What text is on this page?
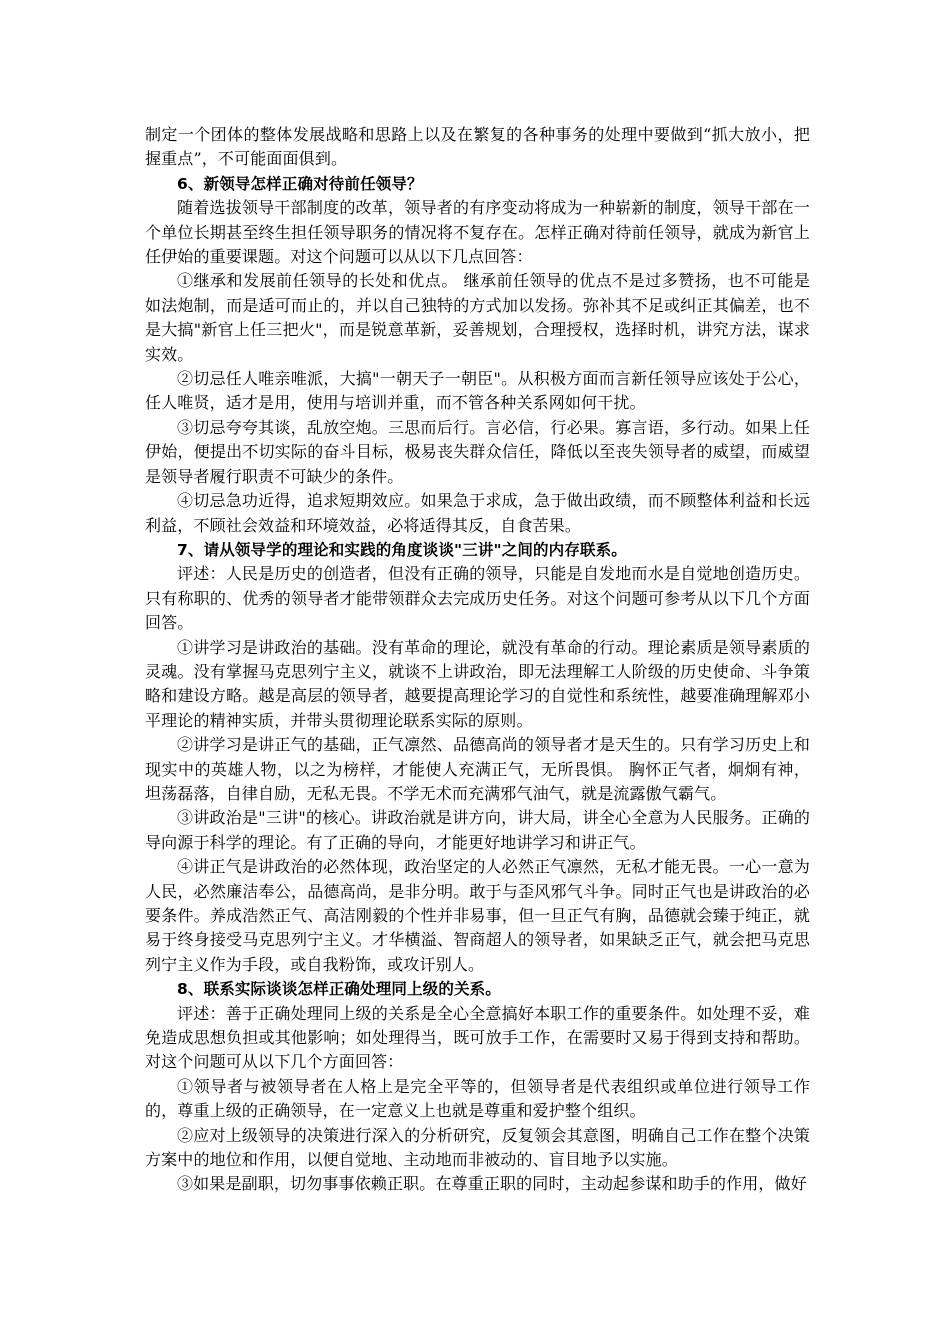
制定一个团体的整体发展战略和思路上以及在繁复的各种事务的处理中要做到“抓大放小，把握重点”，不可能面面俱到。

6、新领导怎样正确对待前任领导？

随着选拔领导干部制度的改革，领导者的有序变动将成为一种崭新的制度，领导干部在一个单位长期甚至终生担任领导职务的情况将不复存在。怎样正确对待前任领导，就成为新官上任伊始的重要课题。对这个问题可以从以下几点回答：

①继承和发展前任领导的长处和优点。 继承前任领导的优点不是过多赞扬，也不可能是如法炮制，而是适可而止的，并以自己独特的方式加以发扬。弥补其不足或纠正其偏差，也不是大搞"新官上任三把火"，而是锐意革新，妥善规划，合理授权，选择时机，讲究方法，谋求实效。

②切忌任人唯亲唯派，大搞"一朝天子一朝臣"。从积极方面而言新任领导应该处于公心，任人唯贤，适才是用，使用与培训并重，而不管各种关系网如何干扰。

③切忌夸夸其谈，乱放空炮。三思而后行。言必信，行必果。寡言语，多行动。如果上任伊始，便提出不切实际的奋斗目标，极易丧失群众信任，降低以至丧失领导者的威望，而威望是领导者履行职责不可缺少的条件。

④切忌急功近得，追求短期效应。如果急于求成，急于做出政绩，而不顾整体利益和长远利益，不顾社会效益和环境效益，必将适得其反，自食苦果。

7、请从领导学的理论和实践的角度谈谈"三讲"之间的内存联系。

评述：人民是历史的创造者，但没有正确的领导，只能是自发地而水是自觉地创造历史。只有称职的、优秀的领导者才能带领群众去完成历史任务。对这个问题可参考从以下几个方面回答。

①讲学习是讲政治的基础。没有革命的理论，就没有革命的行动。理论素质是领导素质的灵魂。没有掌握马克思列宁主义，就谈不上讲政治，即无法理解工人阶级的历史使命、斗争策略和建设方略。越是高层的领导者，越要提高理论学习的自觉性和系统性，越要准确理解邓小平理论的精神实质，并带头贯彻理论联系实际的原则。

②讲学习是讲正气的基础，正气凛然、品德高尚的领导者才是天生的。只有学习历史上和现实中的英雄人物，以之为榜样，才能使人充满正气，无所畏惧。 胸怀正气者，炯炯有神，坦荡磊落，自律自励，无私无畏。不学无术而充满邪气油气，就是流露傲气霸气。

③讲政治是"三讲"的核心。讲政治就是讲方向，讲大局，讲全心全意为人民服务。正确的导向源于科学的理论。有了正确的导向，才能更好地讲学习和讲正气。

④讲正气是讲政治的必然体现，政治坚定的人必然正气凛然，无私才能无畏。一心一意为人民，必然廉洁奉公，品德高尚，是非分明。敢于与歪风邪气斗争。同时正气也是讲政治的必要条件。养成浩然正气、高洁刚毅的个性并非易事，但一旦正气有胸，品德就会臻于纯正，就易于终身接受马克思列宁主义。才华横溢、智商超人的领导者，如果缺乏正气，就会把马克思列宁主义作为手段，或自我粉饰，或攻讦别人。

8、联系实际谈谈怎样正确处理同上级的关系。

评述：善于正确处理同上级的关系是全心全意搞好本职工作的重要条件。如处理不妥，难免造成思想负担或其他影响；如处理得当，既可放手工作，在需要时又易于得到支持和帮助。对这个问题可从以下几个方面回答：

①领导者与被领导者在人格上是完全平等的，但领导者是代表组织或单位进行领导工作的，尊重上级的正确领导，在一定意义上也就是尊重和爱护整个组织。

②应对上级领导的决策进行深入的分析研究，反复领会其意图，明确自己工作在整个决策方案中的地位和作用，以便自觉地、主动地而非被动的、盲目地予以实施。

③如果是副职，切勿事事依赖正职。在尊重正职的同时，主动起参谋和助手的作用，做好
